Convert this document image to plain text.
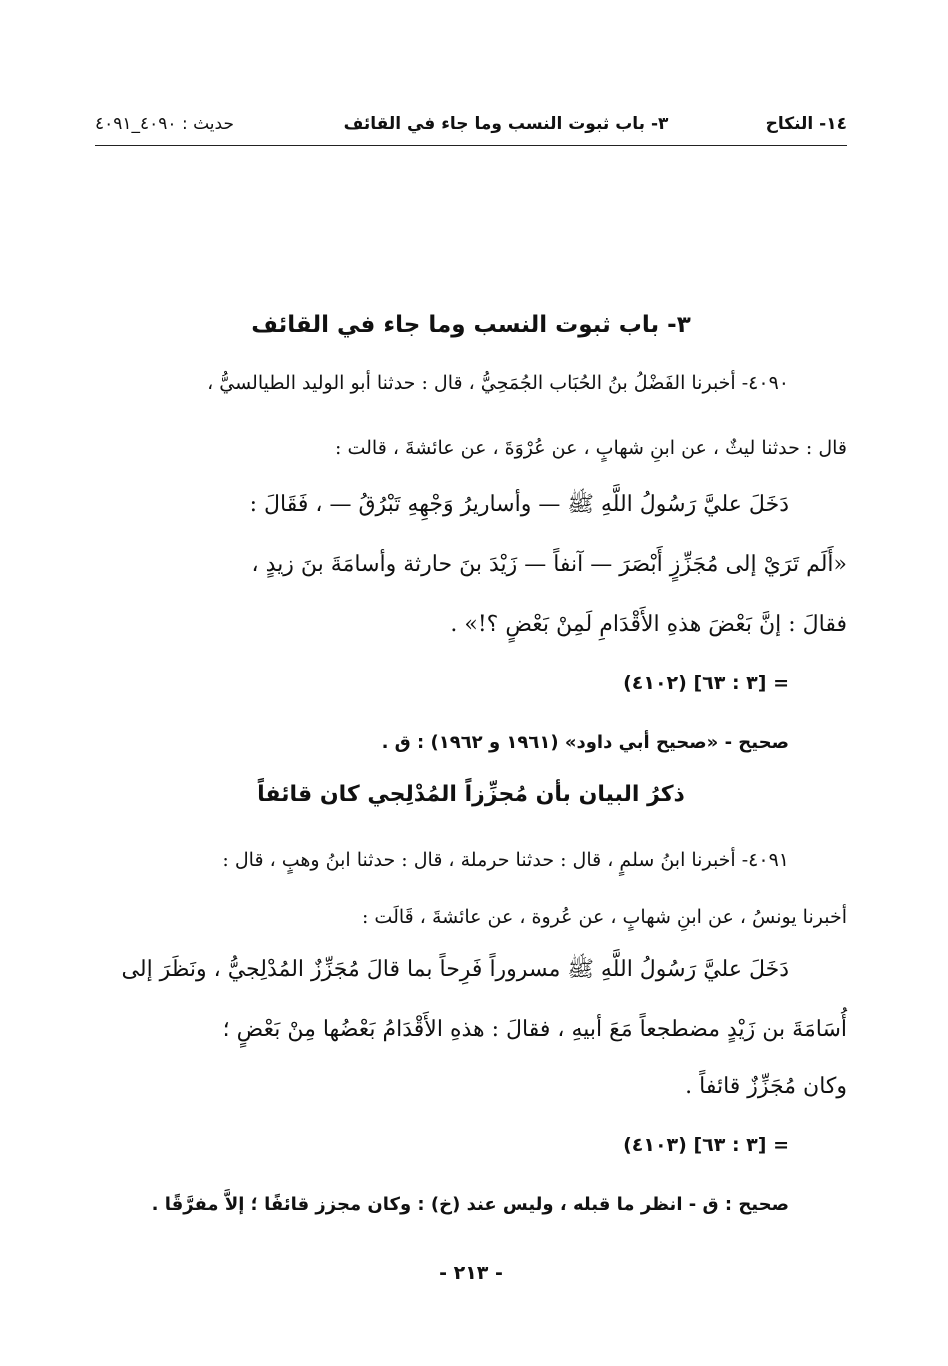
١٤- النكاح
٣- باب ثبوت النسب وما جاء في القائف
حديث : ٤٠٩٠_٤٠٩١
٣- باب ثبوت النسب وما جاء في القائف
٤٠٩٠- أخبرنا الفَضْلُ بنُ الحُبَاب الجُمَحِيُّ ، قال : حدثنا أبو الوليد الطيالسيُّ ،
قال : حدثنا ليثٌ ، عن ابنِ شهابٍ ، عن عُرْوَةَ ، عن عائشةَ ، قالت :
دَخَلَ عليَّ رَسُولُ اللَّهِ ﷺ — وأساريرُ وَجْهِهِ تَبْرُقُ — ، فَقَالَ :
«أَلَم تَرَيْ إلى مُجَزِّزٍ أَبْصَرَ — آنفاً — زَيْدَ بنَ حارثة وأسامَةَ بنَ زيدٍ ،
فقالَ : إنَّ بَعْضَ هذهِ الأَقْدَامِ لَمِنْ بَعْضٍ ؟!» .
= [٣ : ٦٣] (٤١٠٢)
صحيح - «صحيح أبي داود» (١٩٦١ و ١٩٦٢) : ق .
ذكرُ البيان بأن مُجزِّزاً المُدْلِجي كان قائفاً
٤٠٩١- أخبرنا ابنُ سلمٍ ، قال : حدثنا حرملة ، قال : حدثنا ابنُ وهبٍ ، قال :
أخبرنا يونسُ ، عن ابنِ شهابٍ ، عن عُروة ، عن عائشةَ ، قَالَت :
دَخَلَ عليَّ رَسُولُ اللَّهِ ﷺ مسروراً فَرِحاً بما قالَ مُجَزِّزٌ المُدْلِجيُّ ، ونَظَرَ إلى
أُسَامَةَ بن زَيْدٍ مضطجعاً مَعَ أبيهِ ، فقالَ : هذهِ الأَقْدَامُ بَعْضُها مِنْ بَعْضٍ ؛
وكان مُجَزِّزٌ قائفاً .
= [٣ : ٦٣] (٤١٠٣)
صحيح : ق - انظر ما قبله ، وليس عند (خ) : وكان مجزز قائفًا ؛ إلاَّ مفرَّقًا .
- ٢١٣ -
